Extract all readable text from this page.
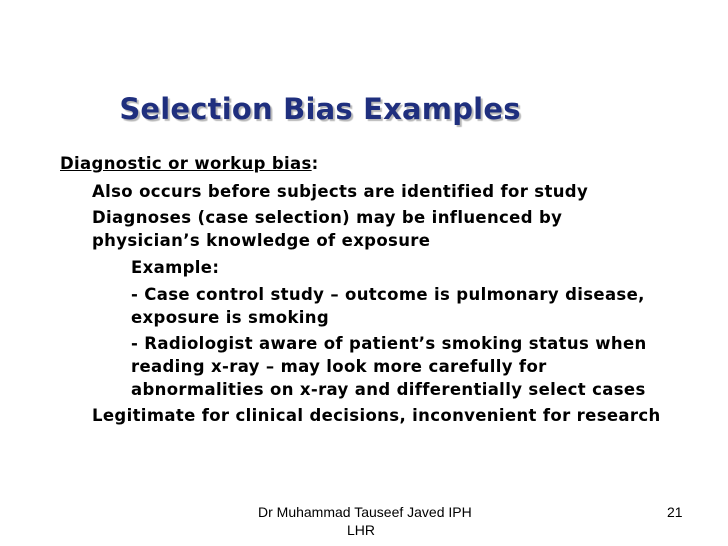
Selection Bias Examples
Diagnostic or workup bias:
Also occurs before subjects are identified for study
Diagnoses (case selection) may be influenced by
physician’s knowledge of exposure
Example:
- Case control study – outcome is pulmonary disease,
exposure is smoking
- Radiologist aware of patient’s smoking status when
reading x-ray – may look more carefully for
abnormalities on x-ray and differentially select cases
Legitimate for clinical decisions, inconvenient for research
Dr Muhammad Tauseef Javed IPH
LHR
21
